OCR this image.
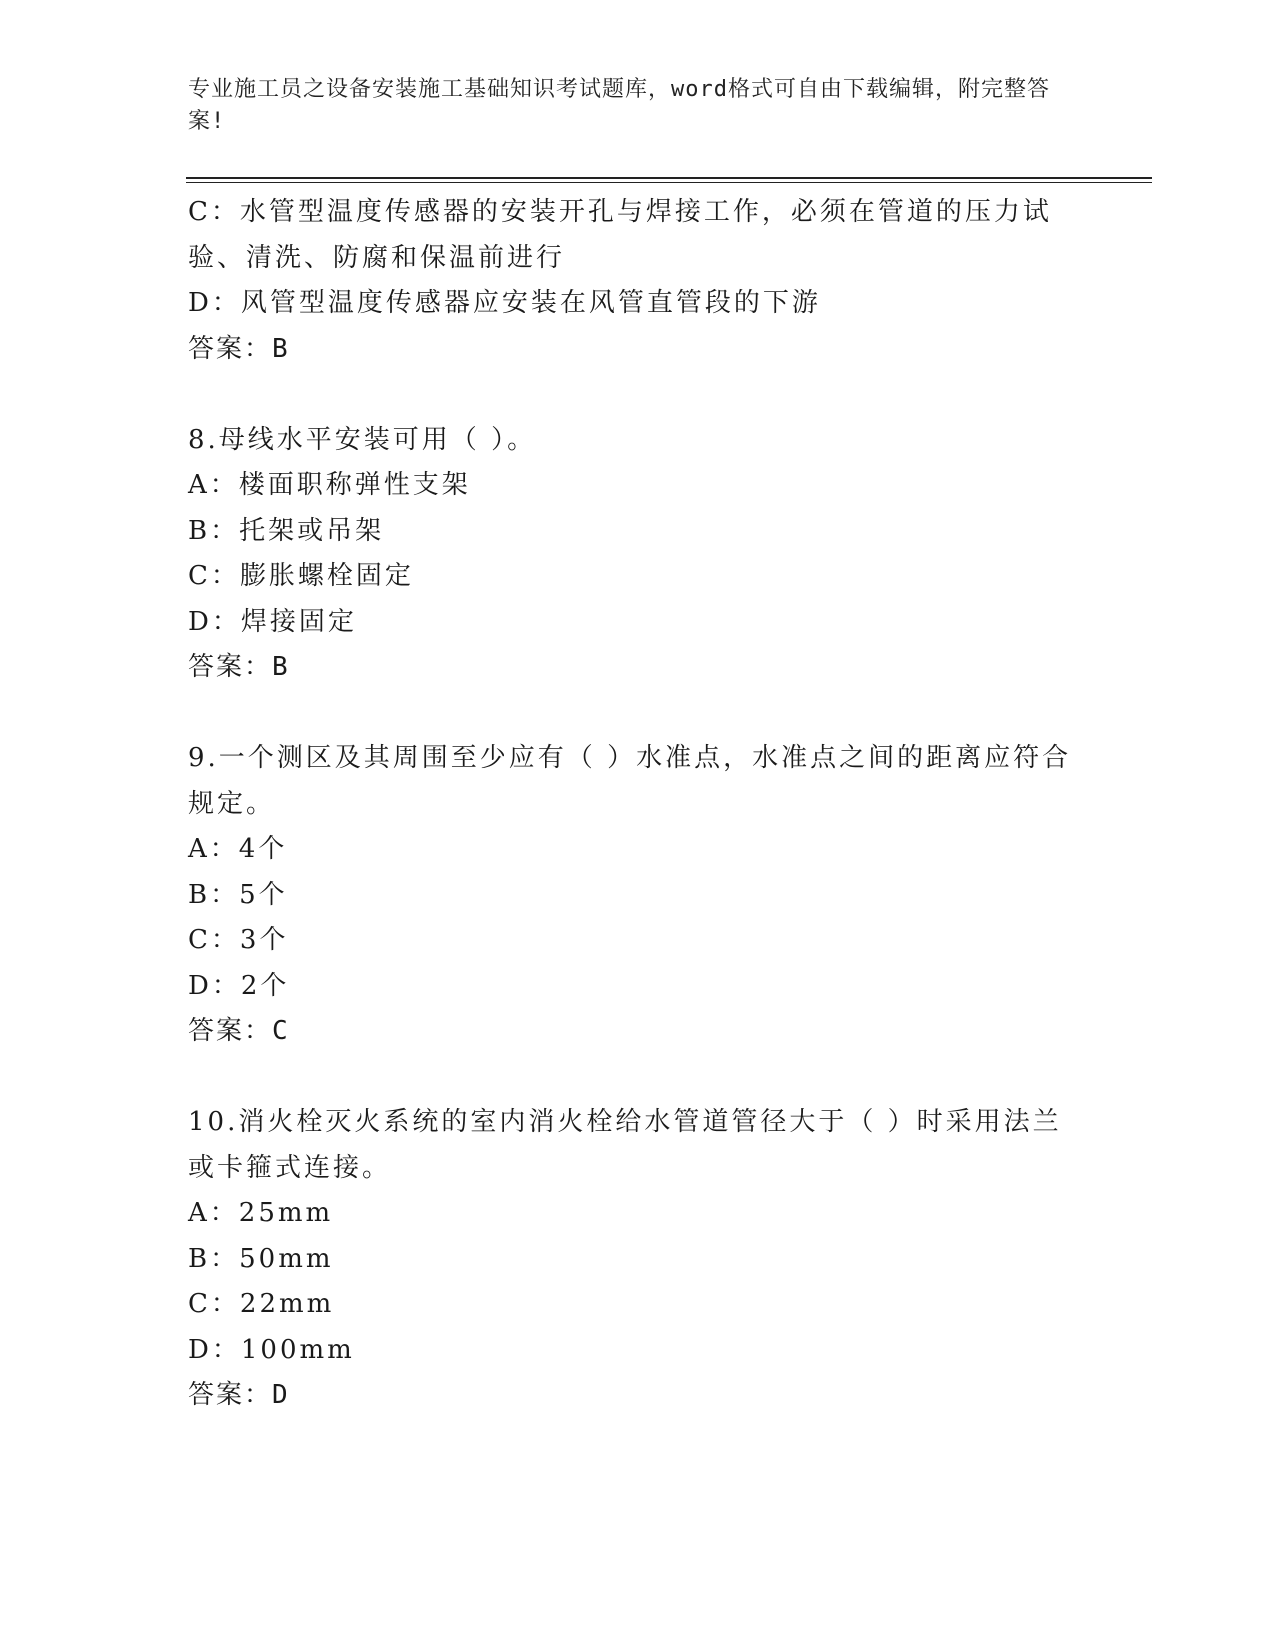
专业施工员之设备安装施工基础知识考试题库，word格式可自由下载编辑，附完整答案!
C：水管型温度传感器的安装开孔与焊接工作，必须在管道的压力试验、清洗、防腐和保温前进行
D：风管型温度传感器应安装在风管直管段的下游
答案：B
8.母线水平安装可用（ ）。
A：楼面职称弹性支架
B：托架或吊架
C：膨胀螺栓固定
D：焊接固定
答案：B
9.一个测区及其周围至少应有（ ）水准点，水准点之间的距离应符合规定。
A：4个
B：5个
C：3个
D：2个
答案：C
10.消火栓灭火系统的室内消火栓给水管道管径大于（ ）时采用法兰或卡箍式连接。
A：25mm
B：50mm
C：22mm
D：100mm
答案：D
